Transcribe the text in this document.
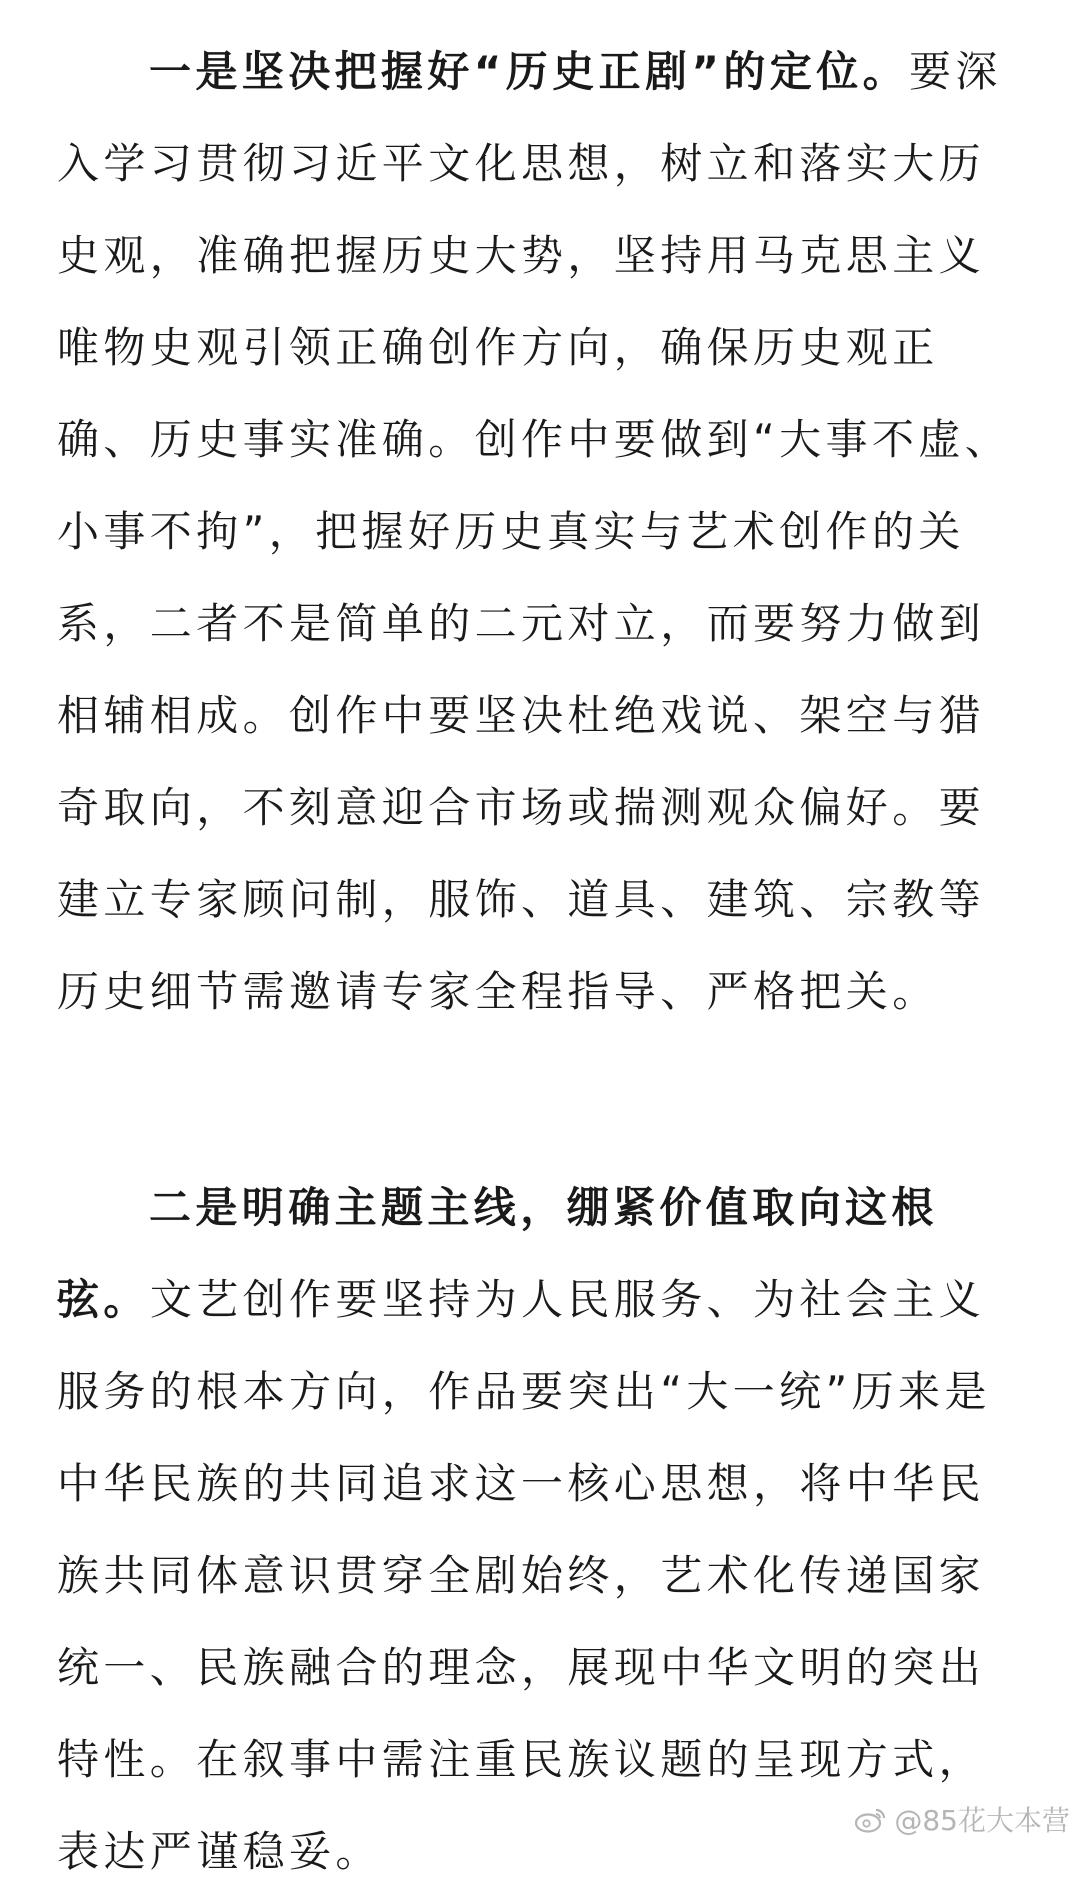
一是坚决把握好“历史正剧”的定位。要深
入学习贯彻习近平文化思想，树立和落实大历
史观，准确把握历史大势，坚持用马克思主义
唯物史观引领正确创作方向，确保历史观正
确、历史事实准确。创作中要做到“大事不虚、
小事不拘”，把握好历史真实与艺术创作的关
系，二者不是简单的二元对立，而要努力做到
相辅相成。创作中要坚决杜绝戏说、架空与猎
奇取向，不刻意迎合市场或揣测观众偏好。要
建立专家顾问制，服饰、道具、建筑、宗教等
历史细节需邀请专家全程指导、严格把关。
二是明确主题主线，绷紧价值取向这根
弦。文艺创作要坚持为人民服务、为社会主义
服务的根本方向，作品要突出“大一统”历来是
中华民族的共同追求这一核心思想，将中华民
族共同体意识贯穿全剧始终，艺术化传递国家
统一、民族融合的理念，展现中华文明的突出
特性。在叙事中需注重民族议题的呈现方式，
表达严谨稳妥。
@85花大本营
